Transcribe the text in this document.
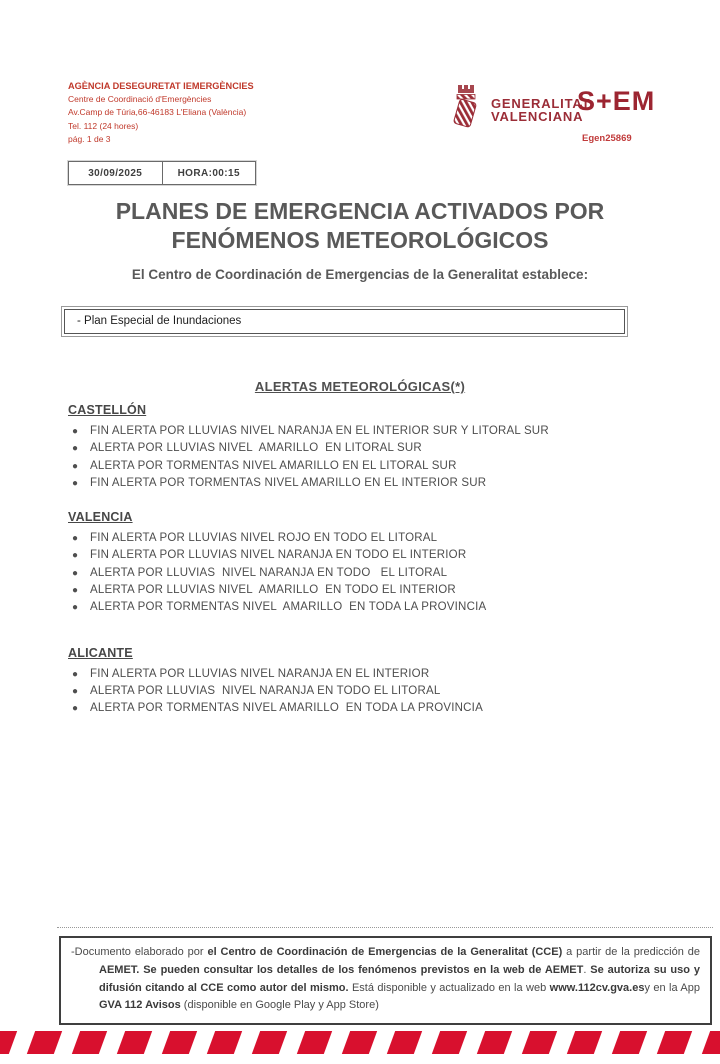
AGÈNCIA DESEGURETAT IEMERGÈNCIES
Centre de Coordinació d'Emergències
Av.Camp de Túria,66-46183 L'Eliana (València)
Tel. 112 (24 hores)
pág. 1 de 3
GENERALITAT
VALENCIANA
S+EM
Egen25869
30/09/2025	HORA:00:15
PLANES DE EMERGENCIA ACTIVADOS POR FENÓMENOS METEOROLÓGICOS
El Centro de Coordinación de Emergencias de la Generalitat establece:
- Plan Especial de Inundaciones
ALERTAS METEOROLÓGICAS(*)
CASTELLÓN
●	FIN ALERTA POR LLUVIAS NIVEL NARANJA EN EL INTERIOR SUR Y LITORAL SUR
●	ALERTA POR LLUVIAS NIVEL  AMARILLO  EN LITORAL SUR
●	ALERTA POR TORMENTAS NIVEL AMARILLO EN EL LITORAL SUR
●	FIN ALERTA POR TORMENTAS NIVEL AMARILLO EN EL INTERIOR SUR
VALENCIA
●	FIN ALERTA POR LLUVIAS NIVEL ROJO EN TODO EL LITORAL
●	FIN ALERTA POR LLUVIAS NIVEL NARANJA EN TODO EL INTERIOR
●	ALERTA POR LLUVIAS  NIVEL NARANJA EN TODO   EL LITORAL
●	ALERTA POR LLUVIAS NIVEL  AMARILLO  EN TODO EL INTERIOR
●	ALERTA POR TORMENTAS NIVEL  AMARILLO  EN TODA LA PROVINCIA
ALICANTE
●	FIN ALERTA POR LLUVIAS NIVEL NARANJA EN EL INTERIOR
●	ALERTA POR LLUVIAS  NIVEL NARANJA EN TODO EL LITORAL
●	ALERTA POR TORMENTAS NIVEL AMARILLO  EN TODA LA PROVINCIA

-Documento elaborado por el Centro de Coordinación de Emergencias de la Generalitat (CCE) a partir de la predicción de AEMET. Se pueden consultar los detalles de los fenómenos previstos en la web de AEMET. Se autoriza su uso y difusión citando al CCE como autor del mismo. Está disponible y actualizado en la web www.112cv.gva.esy en la App GVA 112 Avisos (disponible en Google Play y App Store)
